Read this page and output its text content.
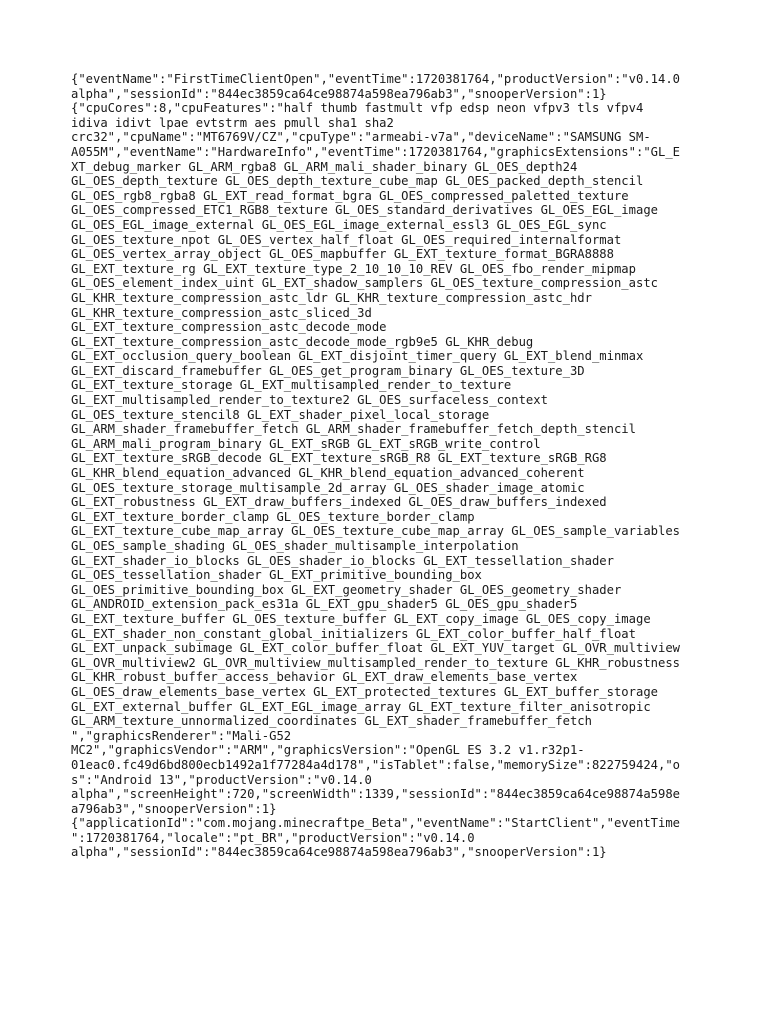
{"eventName":"FirstTimeClientOpen","eventTime":1720381764,"productVersion":"v0.14.0
alpha","sessionId":"844ec3859ca64ce98874a598ea796ab3","snooperVersion":1}
{"cpuCores":8,"cpuFeatures":"half thumb fastmult vfp edsp neon vfpv3 tls vfpv4
idiva idivt lpae evtstrm aes pmull sha1 sha2
crc32","cpuName":"MT6769V/CZ","cpuType":"armeabi-v7a","deviceName":"SAMSUNG SM-
A055M","eventName":"HardwareInfo","eventTime":1720381764,"graphicsExtensions":"GL_E
XT_debug_marker GL_ARM_rgba8 GL_ARM_mali_shader_binary GL_OES_depth24
GL_OES_depth_texture GL_OES_depth_texture_cube_map GL_OES_packed_depth_stencil
GL_OES_rgb8_rgba8 GL_EXT_read_format_bgra GL_OES_compressed_paletted_texture
GL_OES_compressed_ETC1_RGB8_texture GL_OES_standard_derivatives GL_OES_EGL_image
GL_OES_EGL_image_external GL_OES_EGL_image_external_essl3 GL_OES_EGL_sync
GL_OES_texture_npot GL_OES_vertex_half_float GL_OES_required_internalformat
GL_OES_vertex_array_object GL_OES_mapbuffer GL_EXT_texture_format_BGRA8888
GL_EXT_texture_rg GL_EXT_texture_type_2_10_10_10_REV GL_OES_fbo_render_mipmap
GL_OES_element_index_uint GL_EXT_shadow_samplers GL_OES_texture_compression_astc
GL_KHR_texture_compression_astc_ldr GL_KHR_texture_compression_astc_hdr
GL_KHR_texture_compression_astc_sliced_3d
GL_EXT_texture_compression_astc_decode_mode
GL_EXT_texture_compression_astc_decode_mode_rgb9e5 GL_KHR_debug
GL_EXT_occlusion_query_boolean GL_EXT_disjoint_timer_query GL_EXT_blend_minmax
GL_EXT_discard_framebuffer GL_OES_get_program_binary GL_OES_texture_3D
GL_EXT_texture_storage GL_EXT_multisampled_render_to_texture
GL_EXT_multisampled_render_to_texture2 GL_OES_surfaceless_context
GL_OES_texture_stencil8 GL_EXT_shader_pixel_local_storage
GL_ARM_shader_framebuffer_fetch GL_ARM_shader_framebuffer_fetch_depth_stencil
GL_ARM_mali_program_binary GL_EXT_sRGB GL_EXT_sRGB_write_control
GL_EXT_texture_sRGB_decode GL_EXT_texture_sRGB_R8 GL_EXT_texture_sRGB_RG8
GL_KHR_blend_equation_advanced GL_KHR_blend_equation_advanced_coherent
GL_OES_texture_storage_multisample_2d_array GL_OES_shader_image_atomic
GL_EXT_robustness GL_EXT_draw_buffers_indexed GL_OES_draw_buffers_indexed
GL_EXT_texture_border_clamp GL_OES_texture_border_clamp
GL_EXT_texture_cube_map_array GL_OES_texture_cube_map_array GL_OES_sample_variables
GL_OES_sample_shading GL_OES_shader_multisample_interpolation
GL_EXT_shader_io_blocks GL_OES_shader_io_blocks GL_EXT_tessellation_shader
GL_OES_tessellation_shader GL_EXT_primitive_bounding_box
GL_OES_primitive_bounding_box GL_EXT_geometry_shader GL_OES_geometry_shader
GL_ANDROID_extension_pack_es31a GL_EXT_gpu_shader5 GL_OES_gpu_shader5
GL_EXT_texture_buffer GL_OES_texture_buffer GL_EXT_copy_image GL_OES_copy_image
GL_EXT_shader_non_constant_global_initializers GL_EXT_color_buffer_half_float
GL_EXT_unpack_subimage GL_EXT_color_buffer_float GL_EXT_YUV_target GL_OVR_multiview
GL_OVR_multiview2 GL_OVR_multiview_multisampled_render_to_texture GL_KHR_robustness
GL_KHR_robust_buffer_access_behavior GL_EXT_draw_elements_base_vertex
GL_OES_draw_elements_base_vertex GL_EXT_protected_textures GL_EXT_buffer_storage
GL_EXT_external_buffer GL_EXT_EGL_image_array GL_EXT_texture_filter_anisotropic
GL_ARM_texture_unnormalized_coordinates GL_EXT_shader_framebuffer_fetch
","graphicsRenderer":"Mali-G52
MC2","graphicsVendor":"ARM","graphicsVersion":"OpenGL ES 3.2 v1.r32p1-
01eac0.fc49d6bd800ecb1492a1f77284a4d178","isTablet":false,"memorySize":822759424,"o
s":"Android 13","productVersion":"v0.14.0
alpha","screenHeight":720,"screenWidth":1339,"sessionId":"844ec3859ca64ce98874a598e
a796ab3","snooperVersion":1}
{"applicationId":"com.mojang.minecraftpe_Beta","eventName":"StartClient","eventTime
":1720381764,"locale":"pt_BR","productVersion":"v0.14.0
alpha","sessionId":"844ec3859ca64ce98874a598ea796ab3","snooperVersion":1}
